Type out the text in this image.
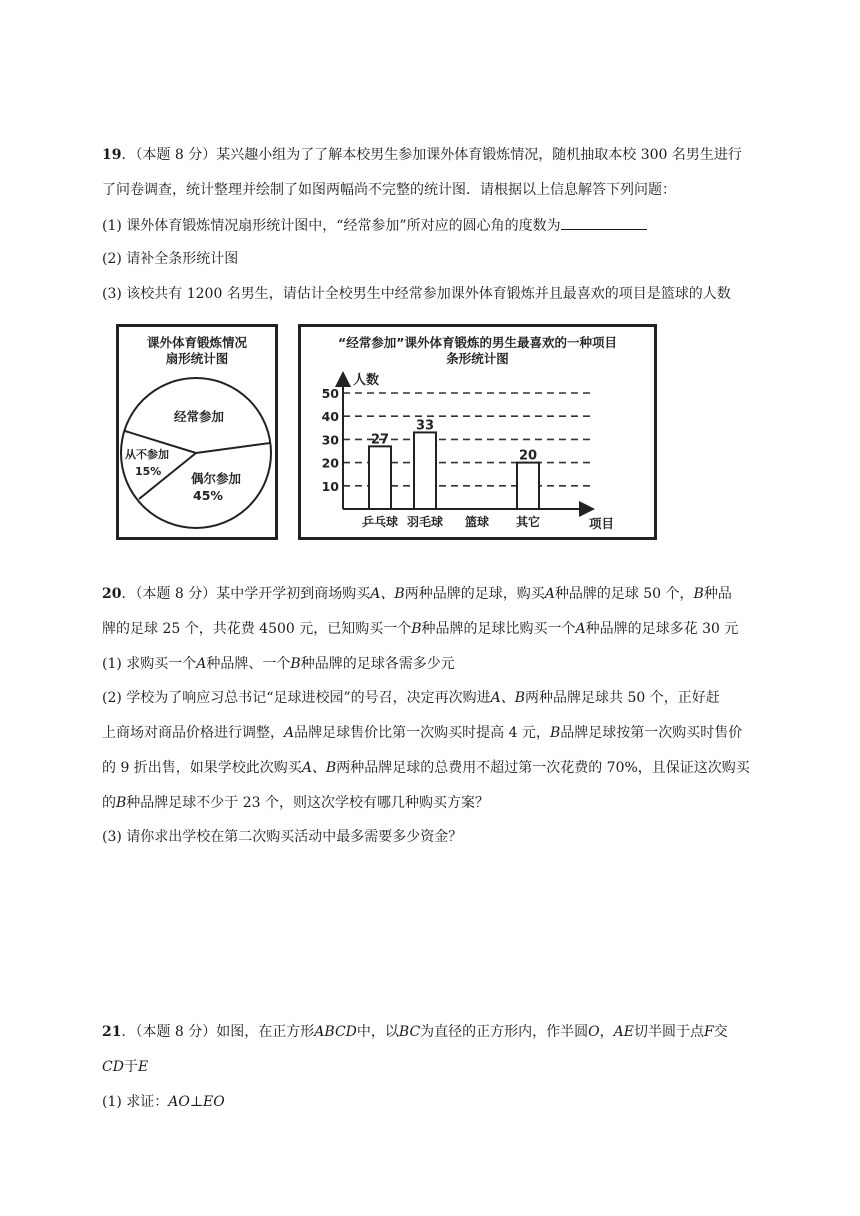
19．（本题 8 分）某兴趣小组为了了解本校男生参加课外体育锻炼情况，随机抽取本校 300 名男生进行
了问卷调查，统计整理并绘制了如图两幅尚不完整的统计图．请根据以上信息解答下列问题：
(1) 课外体育锻炼情况扇形统计图中，“经常参加”所对应的圆心角的度数为
(2) 请补全条形统计图
(3) 该校共有 1200 名男生，请估计全校男生中经常参加课外体育锻炼并且最喜欢的项目是篮球的人数
课外体育锻炼情况
扇形统计图
经常参加
从不参加
15% 偶尔参加
45%
“经常参加”课外体育锻炼的男生最喜欢的一种项目
条形统计图
人数
项目
10
20
30
40
50
乒乓球 羽毛球 篮球 其它
27
33
20
20．（本题 8 分）某中学开学初到商场购买A、B两种品牌的足球，购买A种品牌的足球 50 个，B种品
牌的足球 25 个，共花费 4500 元，已知购买一个B种品牌的足球比购买一个A种品牌的足球多花 30 元
(1) 求购买一个A种品牌、一个B种品牌的足球各需多少元
(2) 学校为了响应习总书记“足球进校园”的号召，决定再次购进A、B两种品牌足球共 50 个，正好赶
上商场对商品价格进行调整，A品牌足球售价比第一次购买时提高 4 元，B品牌足球按第一次购买时售价
的 9 折出售，如果学校此次购买A、B两种品牌足球的总费用不超过第一次花费的 70%，且保证这次购买
的B种品牌足球不少于 23 个，则这次学校有哪几种购买方案？
(3) 请你求出学校在第二次购买活动中最多需要多少资金？
21．（本题 8 分）如图，在正方形ABCD中，以BC为直径的正方形内，作半圆O，AE切半圆于点F交
CD于E
(1) 求证：AO⊥EO
